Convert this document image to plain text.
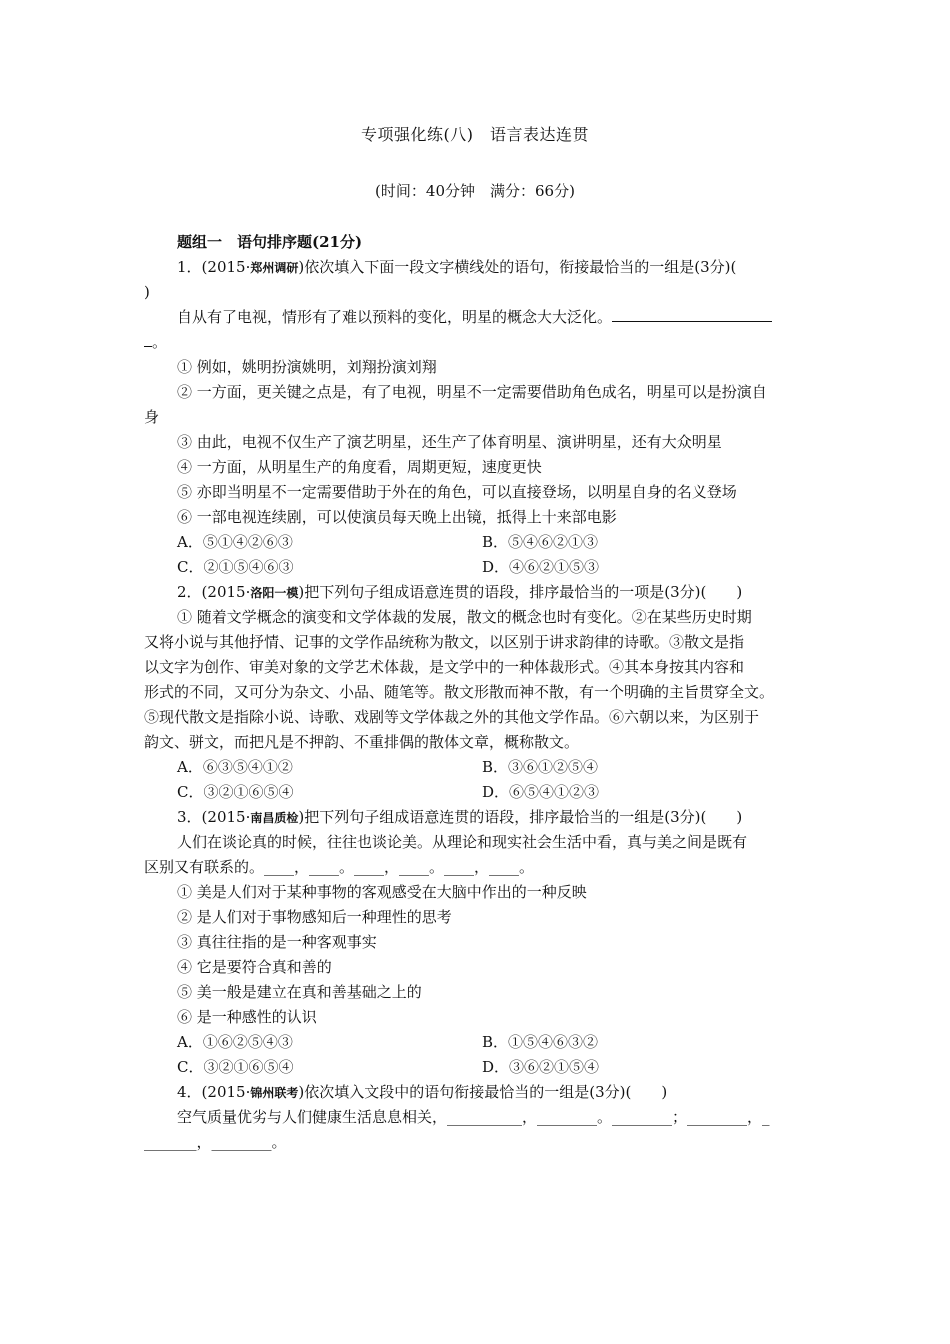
专项强化练(八)　语言表达连贯
(时间：40分钟　满分：66分)
题组一　语句排序题(21分)
1．(2015·郑州调研)依次填入下面一段文字横线处的语句，衔接最恰当的一组是(3分)(
)
自从有了电视，情形有了难以预料的变化，明星的概念大大泛化。
。
① 例如，姚明扮演姚明，刘翔扮演刘翔
② 一方面，更关键之点是，有了电视，明星不一定需要借助角色成名，明星可以是扮演自
身
③ 由此，电视不仅生产了演艺明星，还生产了体育明星、演讲明星，还有大众明星
④ 一方面，从明星生产的角度看，周期更短，速度更快
⑤ 亦即当明星不一定需要借助于外在的角色，可以直接登场，以明星自身的名义登场
⑥ 一部电视连续剧，可以使演员每天晚上出镜，抵得上十来部电影
A．⑤①④②⑥③	B．⑤④⑥②①③
C．②①⑤④⑥③	D．④⑥②①⑤③
2．(2015·洛阳一模)把下列句子组成语意连贯的语段，排序最恰当的一项是(3分)(　　)
① 随着文学概念的演变和文学体裁的发展，散文的概念也时有变化。②在某些历史时期
又将小说与其他抒情、记事的文学作品统称为散文，以区别于讲求韵律的诗歌。③散文是指
以文字为创作、审美对象的文学艺术体裁，是文学中的一种体裁形式。④其本身按其内容和
形式的不同，又可分为杂文、小品、随笔等。散文形散而神不散，有一个明确的主旨贯穿全文。
⑤现代散文是指除小说、诗歌、戏剧等文学体裁之外的其他文学作品。⑥六朝以来，为区别于
韵文、骈文，而把凡是不押韵、不重排偶的散体文章，概称散文。
A．⑥③⑤④①②	B．③⑥①②⑤④
C．③②①⑥⑤④	D．⑥⑤④①②③
3．(2015·南昌质检)把下列句子组成语意连贯的语段，排序最恰当的一组是(3分)(　　)
人们在谈论真的时候，往往也谈论美。从理论和现实社会生活中看，真与美之间是既有
区别又有联系的。____，____。____，____。____，____。
① 美是人们对于某种事物的客观感受在大脑中作出的一种反映
② 是人们对于事物感知后一种理性的思考
③ 真往往指的是一种客观事实
④ 它是要符合真和善的
⑤ 美一般是建立在真和善基础之上的
⑥ 是一种感性的认识
A．①⑥②⑤④③	B．①⑤④⑥③②
C．③②①⑥⑤④	D．③⑥②①⑤④
4．(2015·锦州联考)依次填入文段中的语句衔接最恰当的一组是(3分)(　　)
空气质量优劣与人们健康生活息息相关，__________，________。________；________，_
_______，________。
